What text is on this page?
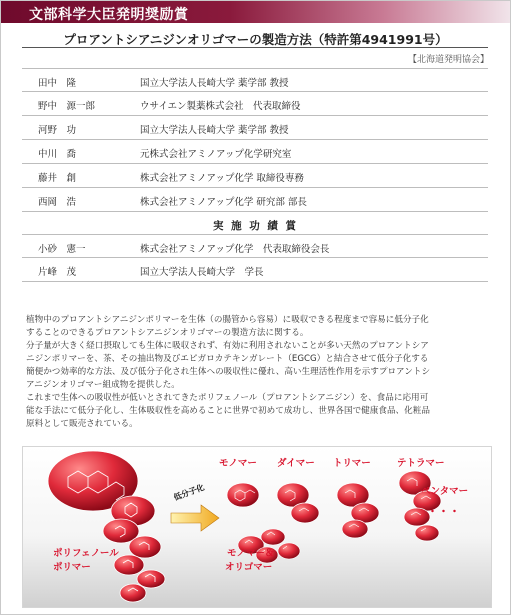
文部科学大臣発明奨励賞
プロアントシアニジンオリゴマーの製造方法（特許第4941991号）
【北海道発明協会】
田中　隆	国立大学法人長崎大学 薬学部 教授
野中　源一郎	ウサイエン製薬株式会社　代表取締役
河野　功	国立大学法人長崎大学 薬学部 教授
中川　喬	元株式会社アミノアップ化学研究室
藤井　創	株式会社アミノアップ化学 取締役専務
西岡　浩	株式会社アミノアップ化学 研究部 部長
実 施 功 績 賞
小砂　憲一	株式会社アミノアップ化学　代表取締役会長
片峰　茂	国立大学法人長崎大学　学長

植物中のプロアントシアニジンポリマーを生体（の腸管から容易）に吸収できる程度まで容易に低分子化

することのできるプロアントシアニジンオリゴマーの製造方法に関する。

分子量が大きく経口摂取しても生体に吸収されず、有効に利用されないことが多い天然のプロアントシア

ニジンポリマーを、茶、その抽出物及びエピガロカテキンガレート（EGCG）と結合させて低分子化する

簡便かつ効率的な方法、及び低分子化され生体への吸収性に優れ、高い生理活性作用を示すプロアントシ

アニジンオリゴマー組成物を提供した。

これまで生体への吸収性が低いとされてきたポリフェノール（プロアントシアニジン）を、食品に応用可

能な手法にて低分子化し、生体吸収性を高めることに世界で初めて成功し、世界各国で健康食品、化粧品

原料として販売されている。

低分子化
モノマー ダイマー トリマー	テトラマー
ペンタマー
・・・
ポリフェノール
ポリマー
モノマー＆
オリゴマー
